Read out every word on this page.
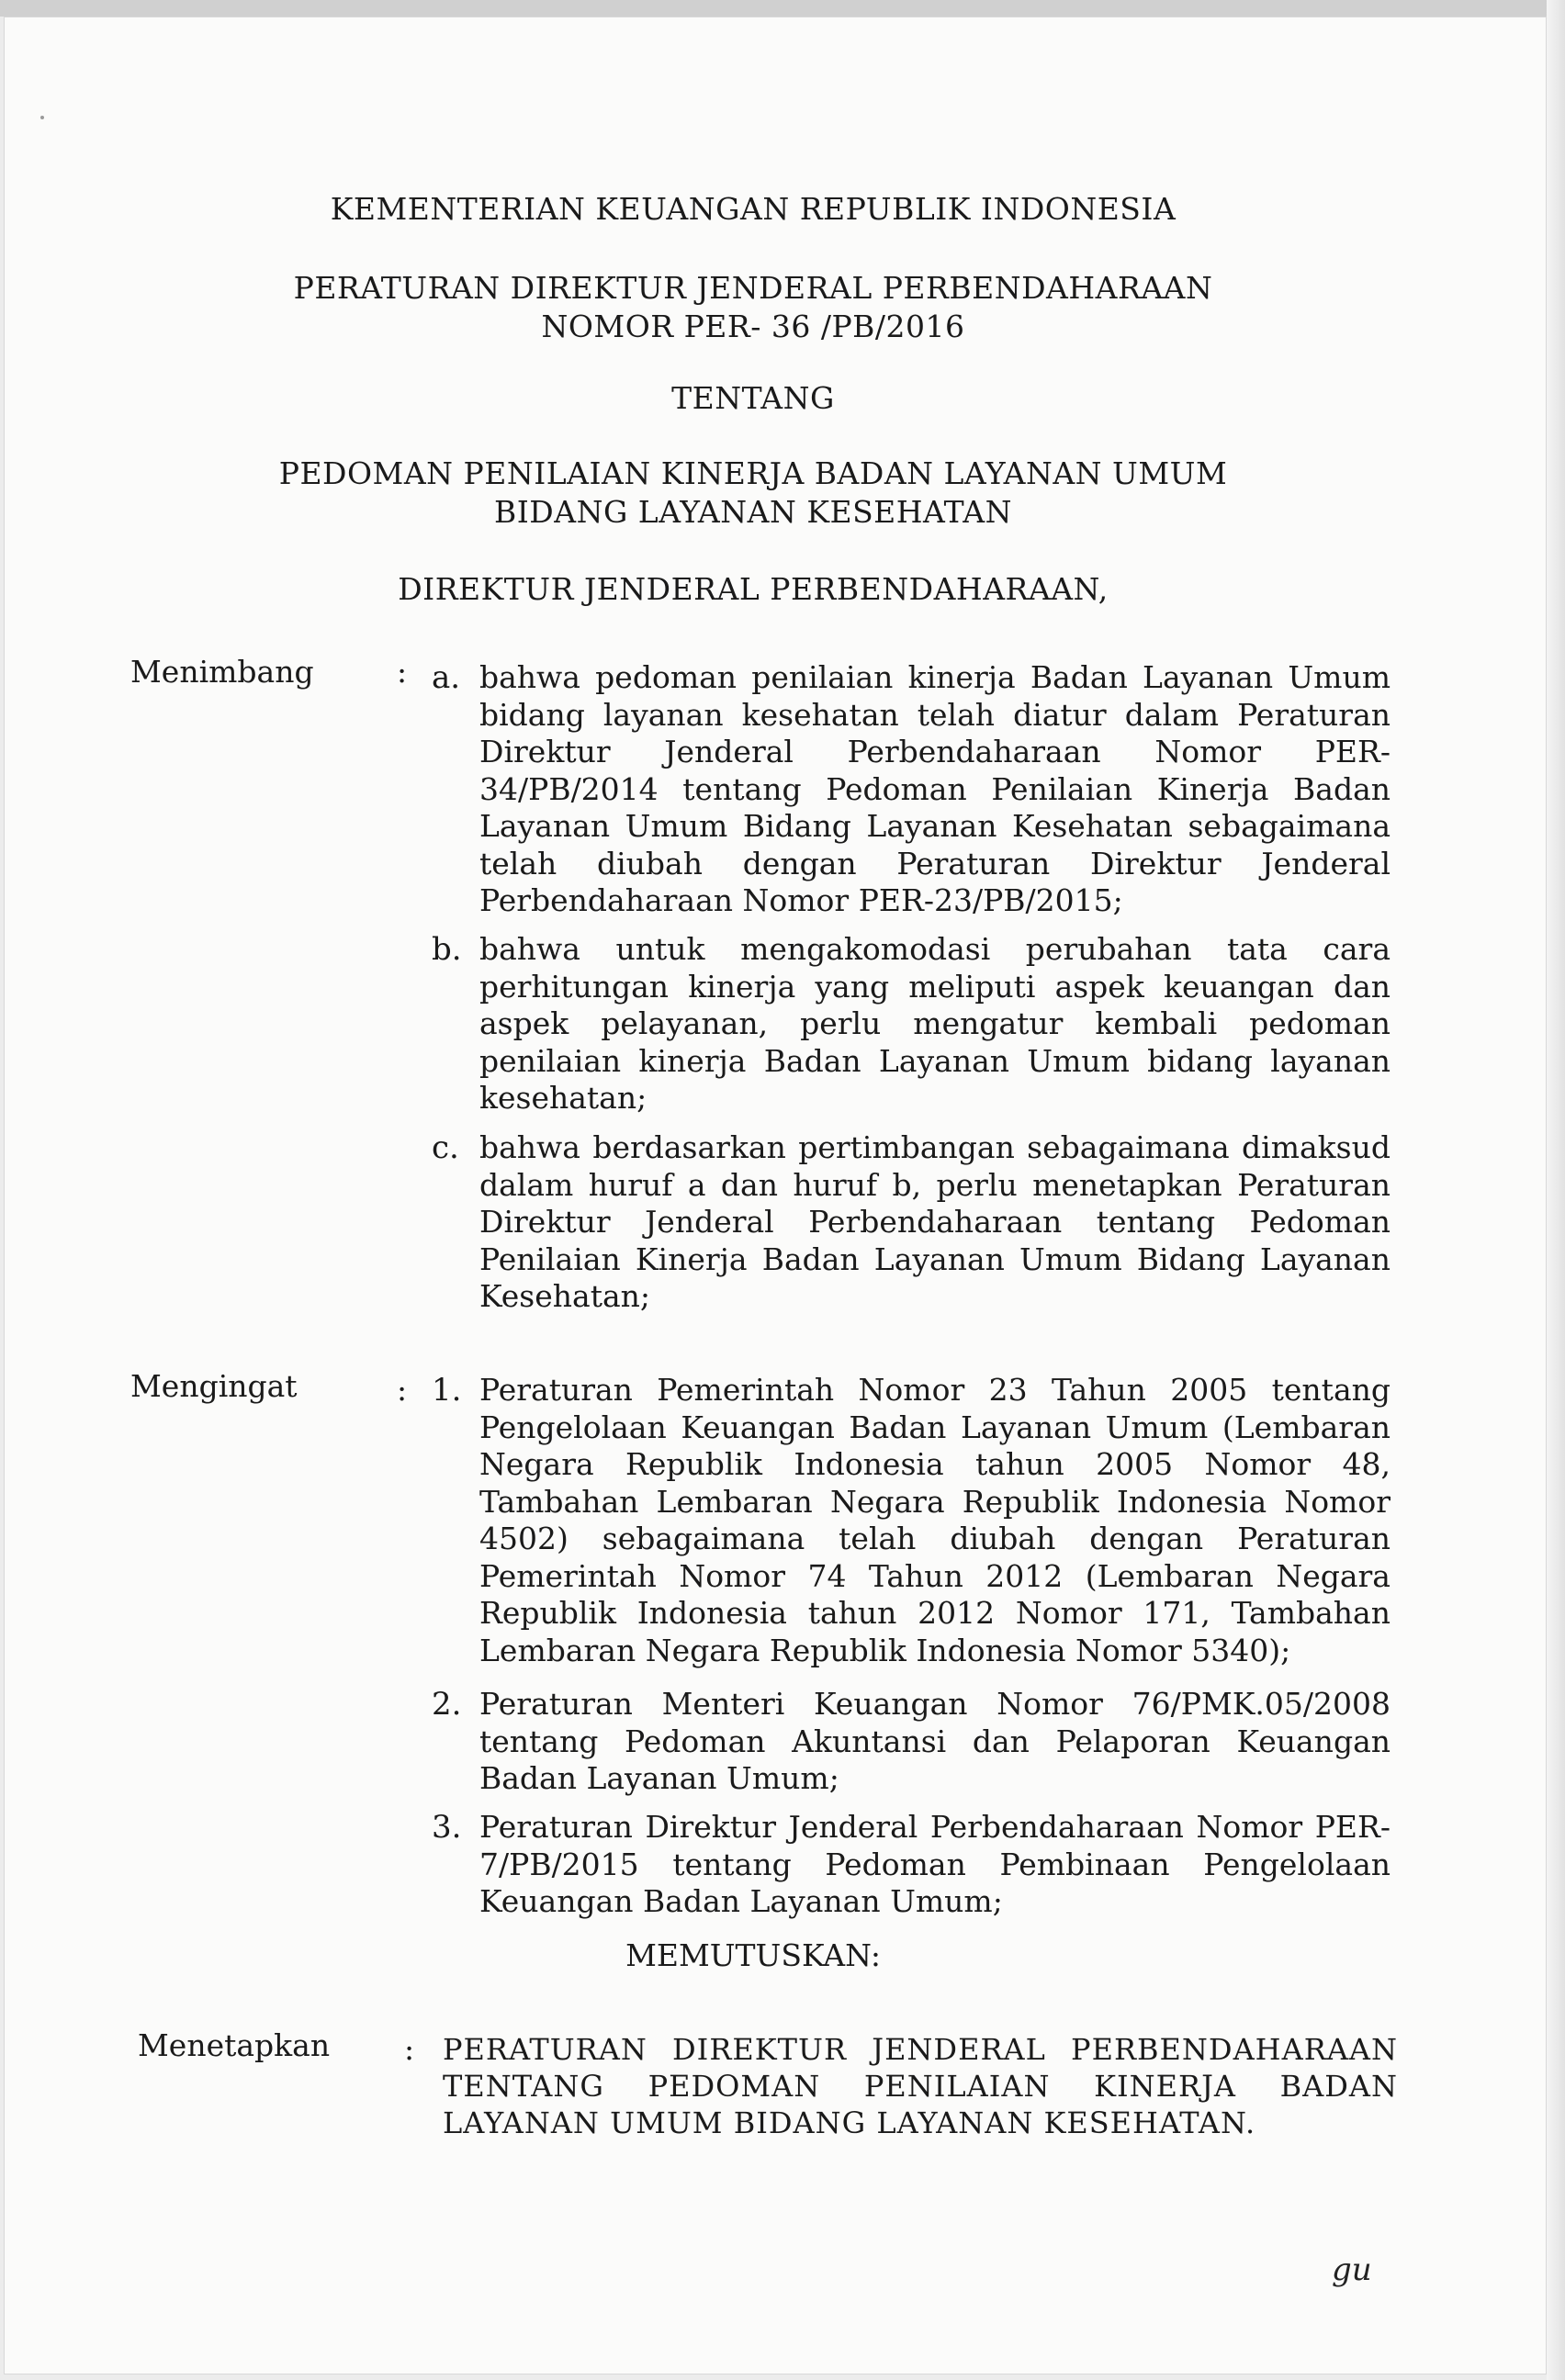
KEMENTERIAN KEUANGAN REPUBLIK INDONESIA
PERATURAN DIREKTUR JENDERAL PERBENDAHARAAN
NOMOR PER- 36 /PB/2016
TENTANG
PEDOMAN PENILAIAN KINERJA BADAN LAYANAN UMUM
BIDANG LAYANAN KESEHATAN
DIREKTUR JENDERAL PERBENDAHARAAN,
Menimbang	: a. bahwa pedoman penilaian kinerja Badan Layanan Umum bidang layanan kesehatan telah diatur dalam Peraturan Direktur Jenderal Perbendaharaan Nomor PER-34/PB/2014 tentang Pedoman Penilaian Kinerja Badan Layanan Umum Bidang Layanan Kesehatan sebagaimana telah diubah dengan Peraturan Direktur Jenderal Perbendaharaan Nomor PER-23/PB/2015;
b. bahwa untuk mengakomodasi perubahan tata cara perhitungan kinerja yang meliputi aspek keuangan dan aspek pelayanan, perlu mengatur kembali pedoman penilaian kinerja Badan Layanan Umum bidang layanan kesehatan;
c. bahwa berdasarkan pertimbangan sebagaimana dimaksud dalam huruf a dan huruf b, perlu menetapkan Peraturan Direktur Jenderal Perbendaharaan tentang Pedoman Penilaian Kinerja Badan Layanan Umum Bidang Layanan Kesehatan;
Mengingat	: 1. Peraturan Pemerintah Nomor 23 Tahun 2005 tentang Pengelolaan Keuangan Badan Layanan Umum (Lembaran Negara Republik Indonesia tahun 2005 Nomor 48, Tambahan Lembaran Negara Republik Indonesia Nomor 4502) sebagaimana telah diubah dengan Peraturan Pemerintah Nomor 74 Tahun 2012 (Lembaran Negara Republik Indonesia tahun 2012 Nomor 171, Tambahan Lembaran Negara Republik Indonesia Nomor 5340);
2. Peraturan Menteri Keuangan Nomor 76/PMK.05/2008 tentang Pedoman Akuntansi dan Pelaporan Keuangan Badan Layanan Umum;
3. Peraturan Direktur Jenderal Perbendaharaan Nomor PER-7/PB/2015 tentang Pedoman Pembinaan Pengelolaan Keuangan Badan Layanan Umum;
MEMUTUSKAN:
Menetapkan : PERATURAN DIREKTUR JENDERAL PERBENDAHARAAN TENTANG PEDOMAN PENILAIAN KINERJA BADAN LAYANAN UMUM BIDANG LAYANAN KESEHATAN.
gu
